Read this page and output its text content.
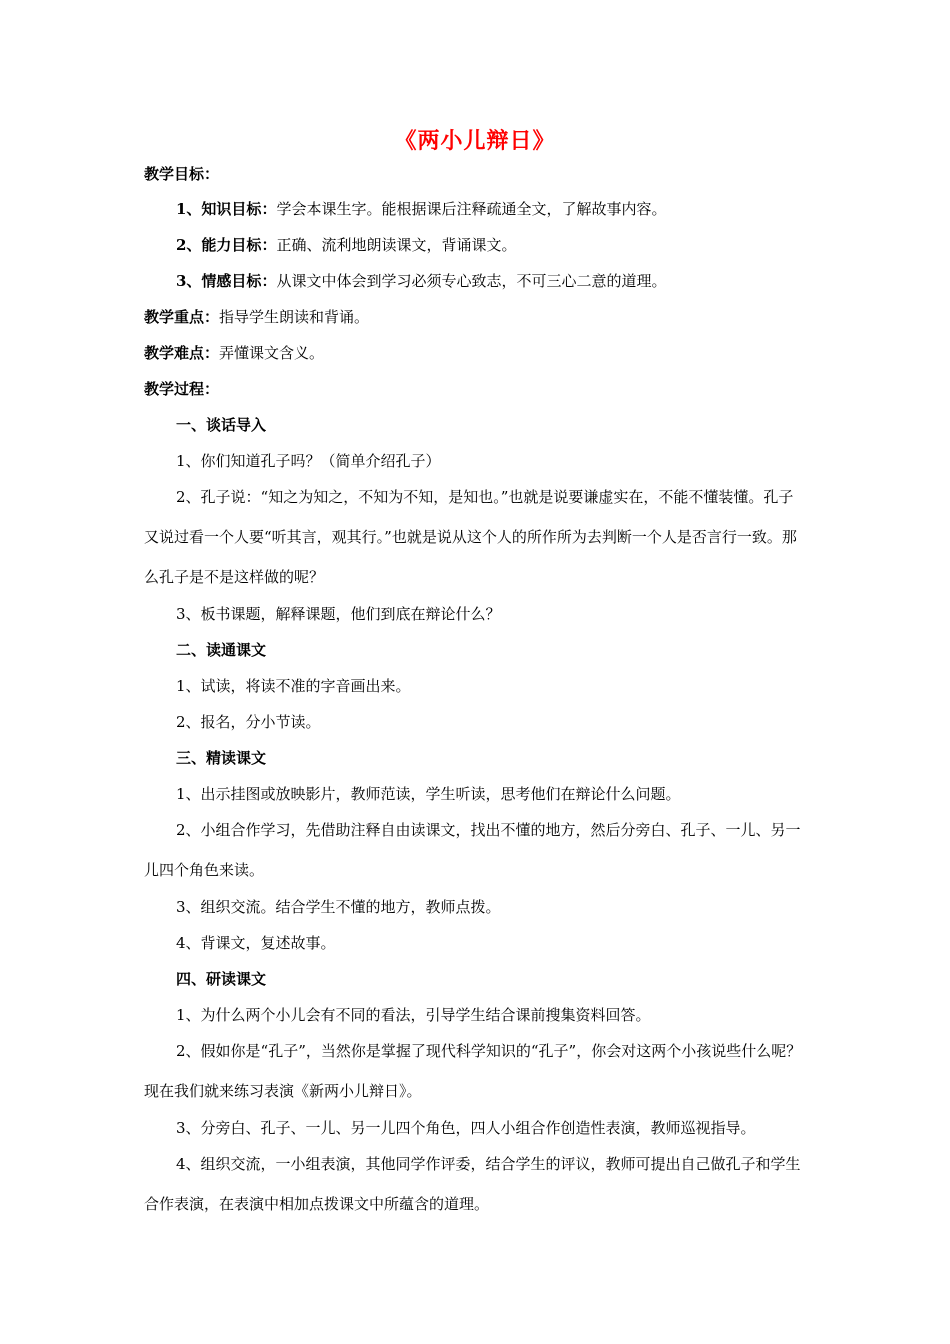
《两小儿辩日》
教学目标：
1、知识目标：学会本课生字。能根据课后注释疏通全文，了解故事内容。
2、能力目标：正确、流利地朗读课文，背诵课文。
3、情感目标：从课文中体会到学习必须专心致志，不可三心二意的道理。
教学重点：指导学生朗读和背诵。
教学难点：弄懂课文含义。
教学过程：
一、谈话导入
1、你们知道孔子吗？（简单介绍孔子）
2、孔子说：“知之为知之，不知为不知，是知也。”也就是说要谦虚实在，不能不懂装懂。孔子又说过看一个人要“听其言，观其行。”也就是说从这个人的所作所为去判断一个人是否言行一致。那么孔子是不是这样做的呢？
3、板书课题，解释课题，他们到底在辩论什么？
二、读通课文
1、试读，将读不准的字音画出来。
2、报名，分小节读。
三、精读课文
1、出示挂图或放映影片，教师范读，学生听读，思考他们在辩论什么问题。
2、小组合作学习，先借助注释自由读课文，找出不懂的地方，然后分旁白、孔子、一儿、另一儿四个角色来读。
3、组织交流。结合学生不懂的地方，教师点拨。
4、背课文，复述故事。
四、研读课文
1、为什么两个小儿会有不同的看法，引导学生结合课前搜集资料回答。
2、假如你是“孔子”，当然你是掌握了现代科学知识的“孔子”，你会对这两个小孩说些什么呢？现在我们就来练习表演《新两小儿辩日》。
3、分旁白、孔子、一儿、另一儿四个角色，四人小组合作创造性表演，教师巡视指导。
4、组织交流，一小组表演，其他同学作评委，结合学生的评议，教师可提出自己做孔子和学生合作表演，在表演中相加点拨课文中所蕴含的道理。
